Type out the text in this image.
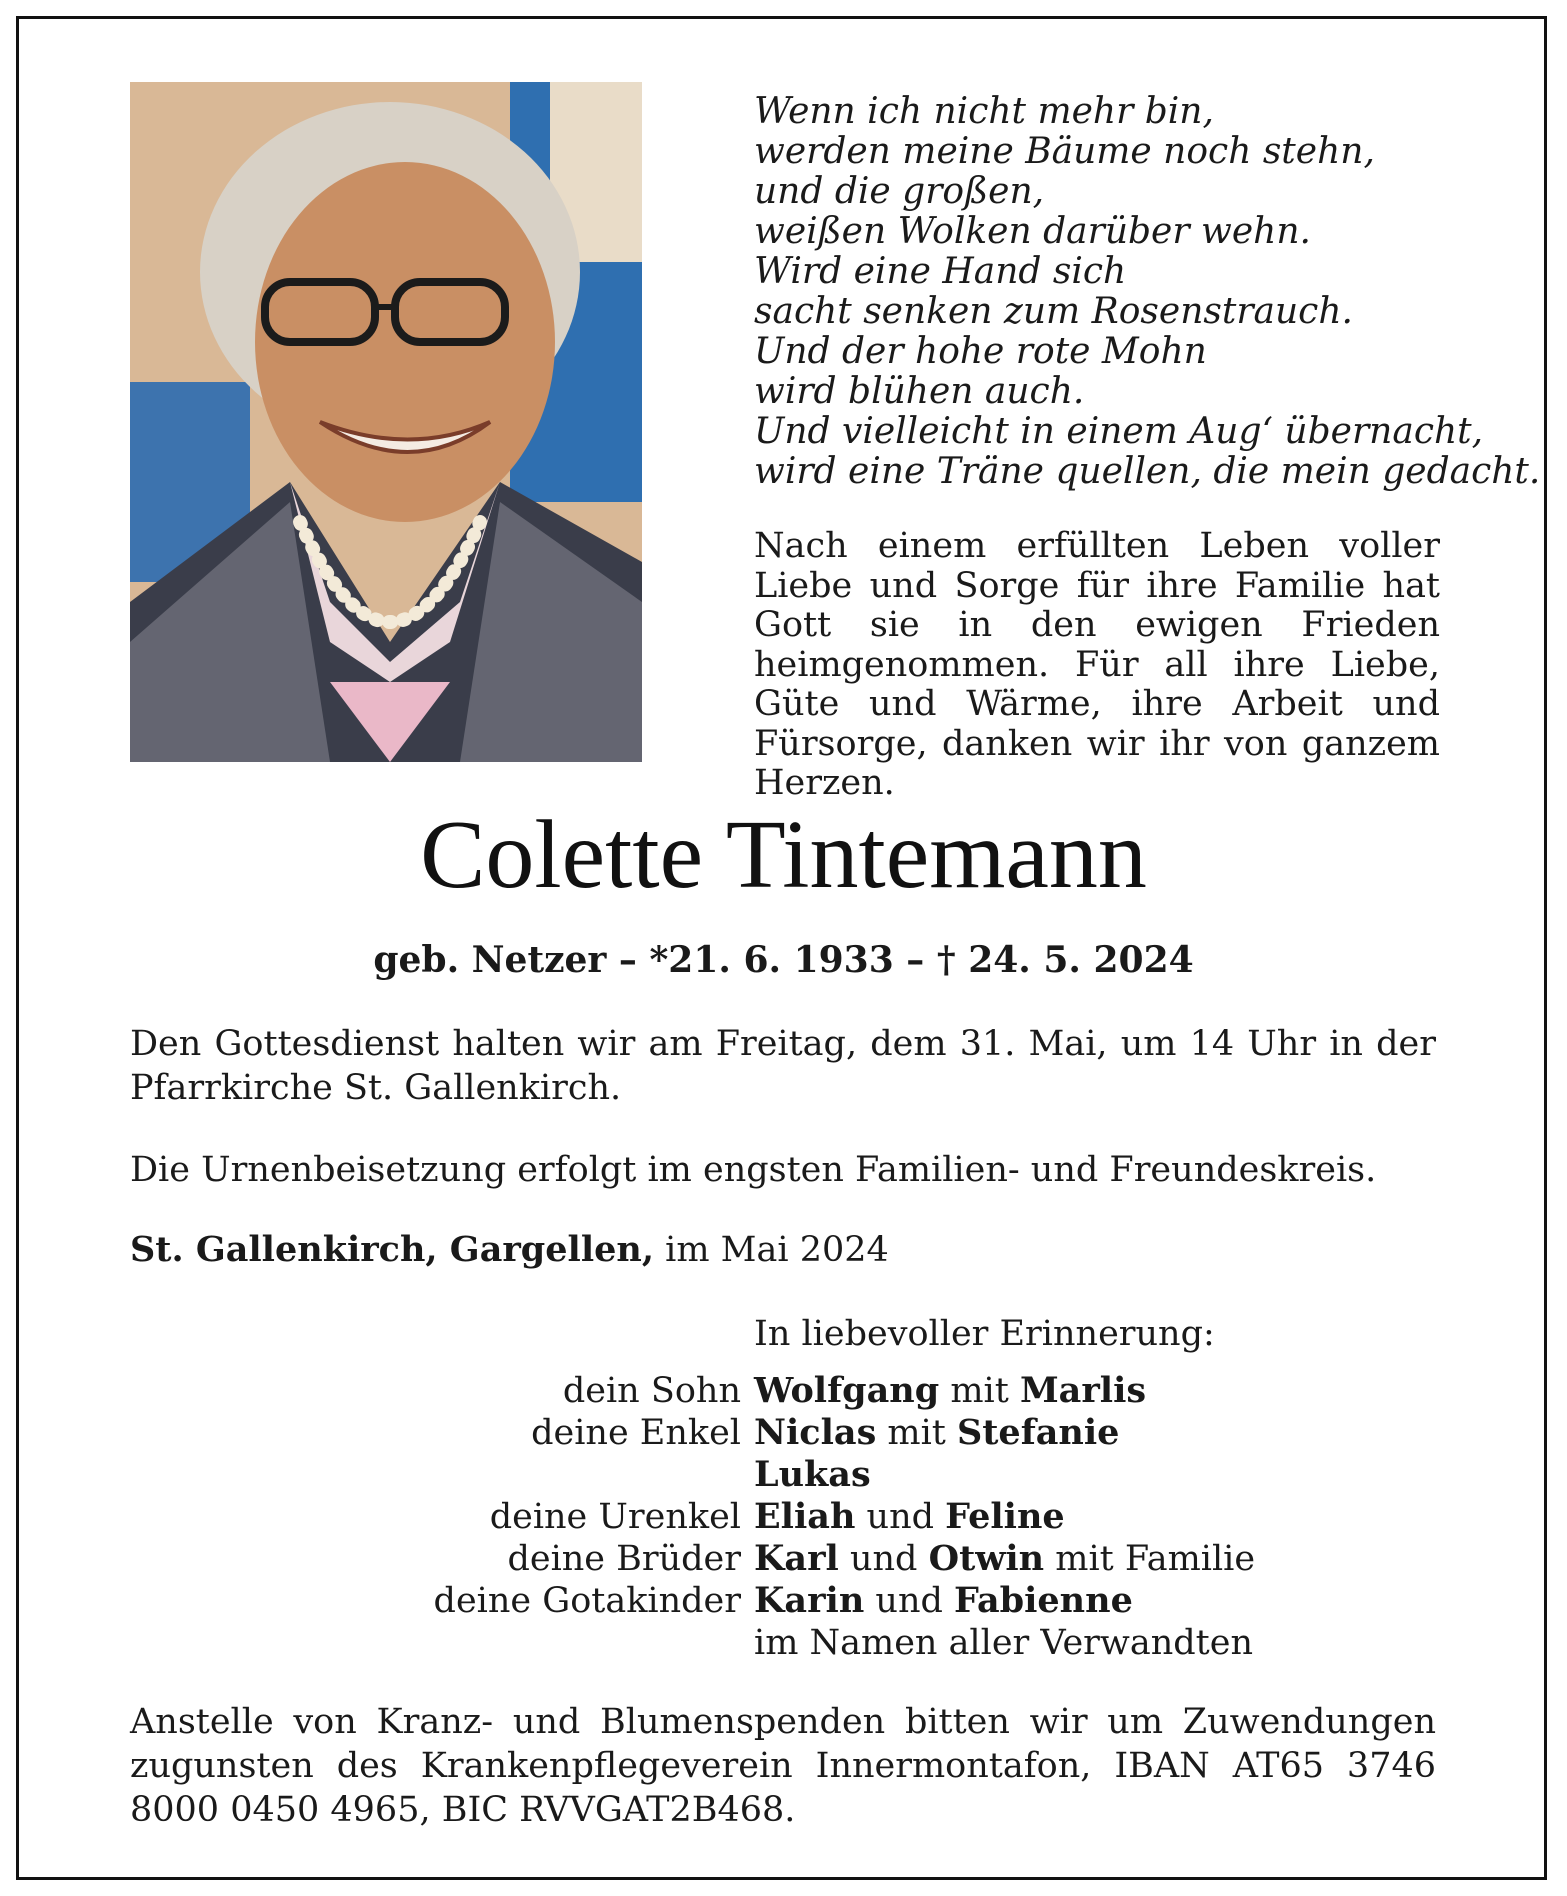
Wenn ich nicht mehr bin,
werden meine Bäume noch stehn,
und die großen,
weißen Wolken darüber wehn.
Wird eine Hand sich
sacht senken zum Rosenstrauch.
Und der hohe rote Mohn
wird blühen auch.
Und vielleicht in einem Aug‘ übernacht,
wird eine Träne quellen, die mein gedacht.
Nach einem erfüllten Leben voller Liebe und Sorge für ihre Familie hat Gott sie in den ewigen Frieden heimgenommen. Für all ihre Liebe, Güte und Wärme, ihre Arbeit und Fürsorge, danken wir ihr von ganzem Herzen.
Colette Tintemann
geb. Netzer – *21. 6. 1933 – † 24. 5. 2024
Den Gottesdienst halten wir am Freitag, dem 31. Mai, um 14 Uhr in der Pfarrkirche St. Gallenkirch.
Die Urnenbeisetzung erfolgt im engsten Familien- und Freundeskreis.
St. Gallenkirch, Gargellen, im Mai 2024
In liebevoller Erinnerung:
dein Sohn Wolfgang mit Marlis
deine Enkel Niclas mit Stefanie
Lukas
deine Urenkel Eliah und Feline
deine Brüder Karl und Otwin mit Familie
deine Gotakinder Karin und Fabienne
im Namen aller Verwandten
Anstelle von Kranz- und Blumenspenden bitten wir um Zuwendungen zugunsten des Krankenpflegeverein Innermontafon, IBAN AT65 3746 8000 0450 4965, BIC RVVGAT2B468.
